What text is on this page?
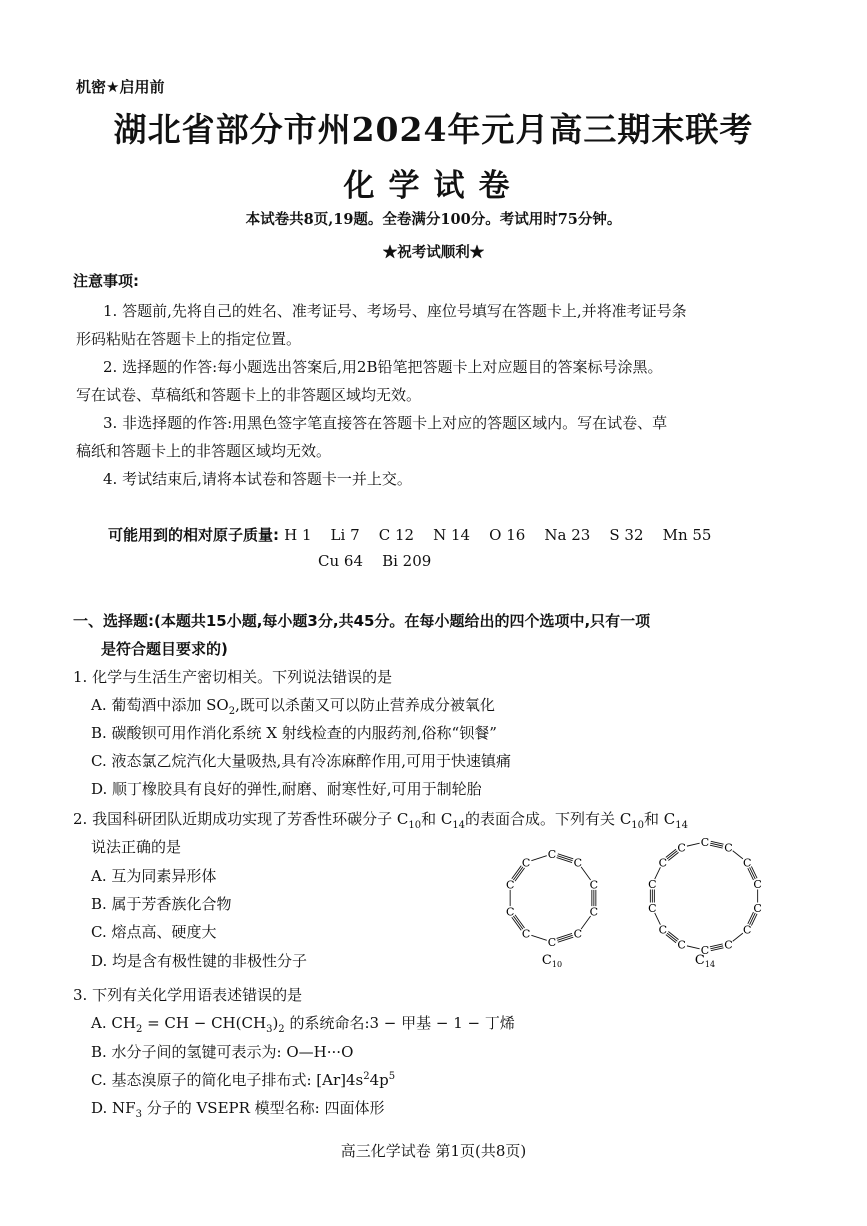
机密★启用前
湖北省部分市州2024年元月高三期末联考
化学试卷
本试卷共8页,19题。全卷满分100分。考试用时75分钟。
★祝考试顺利★
注意事项:
1. 答题前,先将自己的姓名、准考证号、考场号、座位号填写在答题卡上,并将准考证号条
形码粘贴在答题卡上的指定位置。
2. 选择题的作答:每小题选出答案后,用2B铅笔把答题卡上对应题目的答案标号涂黑。
写在试卷、草稿纸和答题卡上的非答题区域均无效。
3. 非选择题的作答:用黑色签字笔直接答在答题卡上对应的答题区域内。写在试卷、草
稿纸和答题卡上的非答题区域均无效。
4. 考试结束后,请将本试卷和答题卡一并上交。
可能用到的相对原子质量: H 1    Li 7    C 12    N 14    O 16    Na 23    S 32    Mn 55
Cu 64    Bi 209
一、选择题:(本题共15小题,每小题3分,共45分。在每小题给出的四个选项中,只有一项
是符合题目要求的)
1. 化学与生活生产密切相关。下列说法错误的是
A. 葡萄酒中添加 $SO_2$,既可以杀菌又可以防止营养成分被氧化
B. 碳酸钡可用作消化系统 X 射线检查的内服药剂,俗称“钡餐”
C. 液态氯乙烷汽化大量吸热,具有冷冻麻醉作用,可用于快速镇痛
D. 顺丁橡胶具有良好的弹性,耐磨、耐寒性好,可用于制轮胎
2. 我国科研团队近期成功实现了芳香性环碳分子 $C_{10}$和 $C_{14}$的表面合成。下列有关 $C_{10}$和 $C_{14}$
说法正确的是
A. 互为同素异形体
B. 属于芳香族化合物
C. 熔点高、硬度大
D. 均是含有极性键的非极性分子
C
C
C
C
C
C
C
C
C
C
C C
C
C
C
C
C
C
C
C
C
C
C
C
$C_{10}$	$C_{14}$
3. 下列有关化学用语表述错误的是
A. $CH_2$ = CH − $CH(CH_3)_2$ 的系统命名:3 − 甲基 − 1 − 丁烯
B. 水分子间的氢键可表示为: O—H···O
C. 基态溴原子的简化电子排布式: $[Ar]4s^24p^5$
D. $NF_3$ 分子的 VSEPR 模型名称: 四面体形
高三化学试卷 第1页(共8页)
